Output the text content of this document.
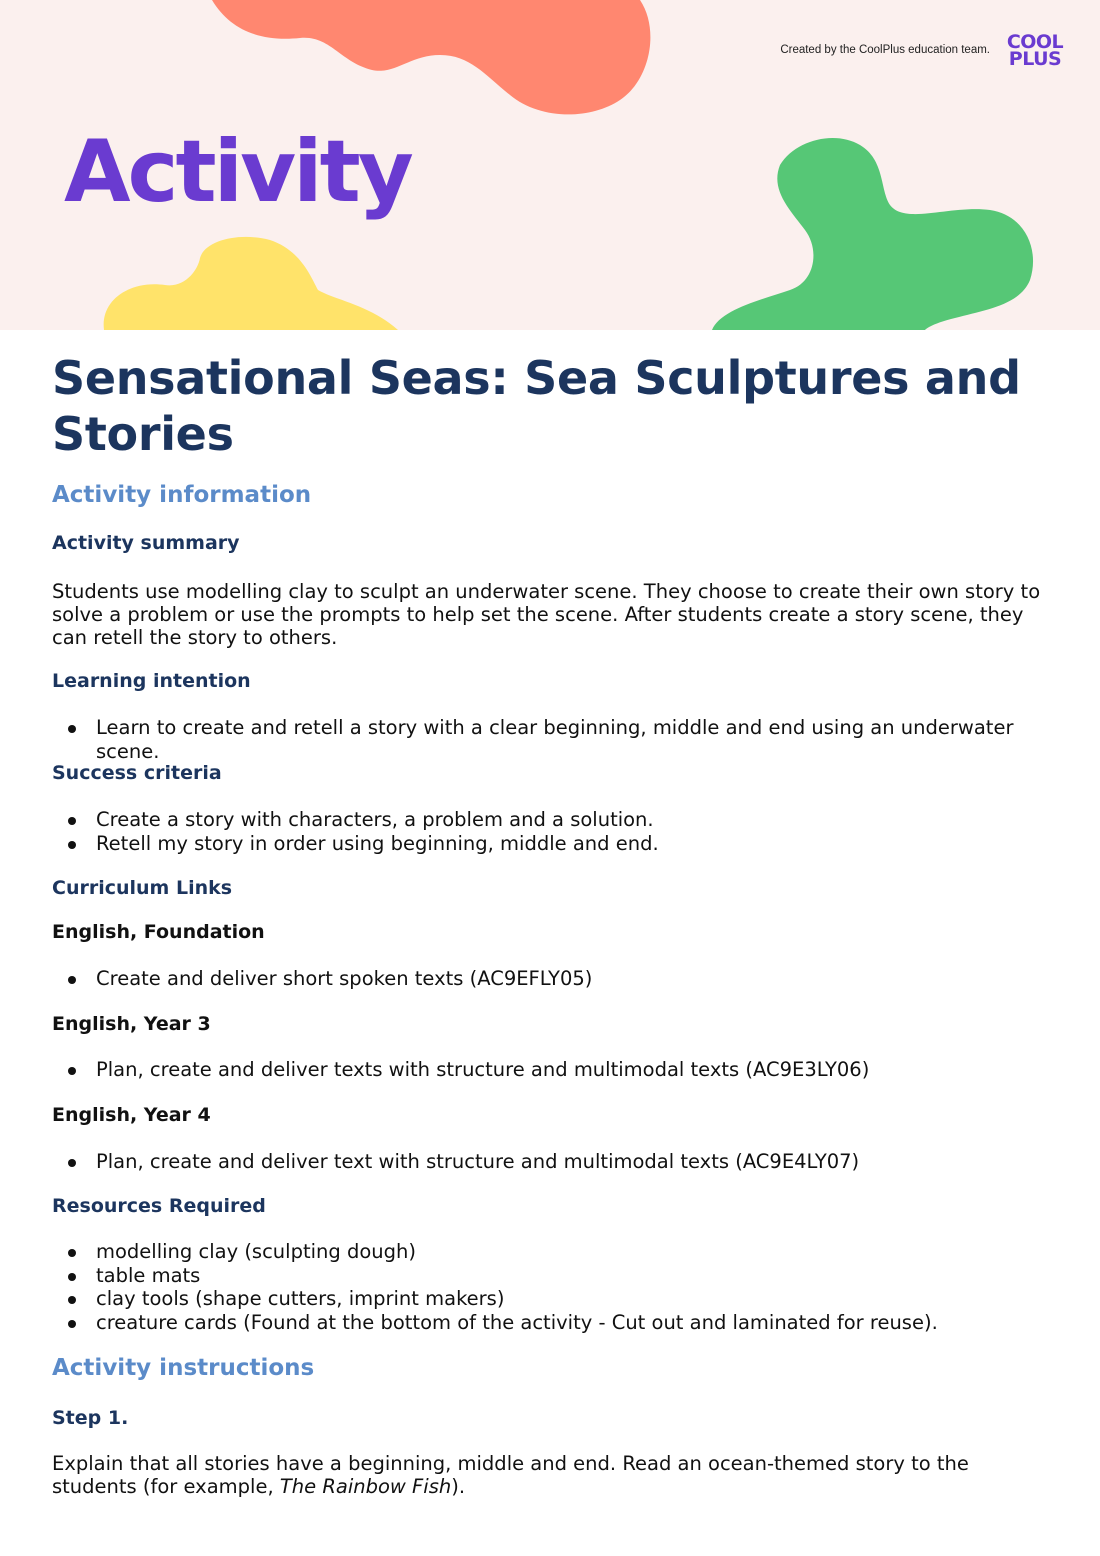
Created by the CoolPlus education team. COOL
PLUS
Activity
Sensational Seas: Sea Sculptures and Stories
Activity information
Activity summary

Students use modelling clay to sculpt an underwater scene. They choose to create their own story to solve a problem or use the prompts to help set the scene. After students create a story scene, they can retell the story to others.

Learning intention
Learn to create and retell a story with a clear beginning, middle and end using an underwater scene.
Success criteria
Create a story with characters, a problem and a solution.
Retell my story in order using beginning, middle and end.
Curriculum Links
English, Foundation
Create and deliver short spoken texts (AC9EFLY05)
English, Year 3
Plan, create and deliver texts with structure and multimodal texts (AC9E3LY06)
English, Year 4
Plan, create and deliver text with structure and multimodal texts (AC9E4LY07)
Resources Required
modelling clay (sculpting dough)
table mats
clay tools (shape cutters, imprint makers)
creature cards (Found at the bottom of the activity - Cut out and laminated for reuse).
Activity instructions
Step 1.

Explain that all stories have a beginning, middle and end. Read an ocean-themed story to the students (for example, The Rainbow Fish).
